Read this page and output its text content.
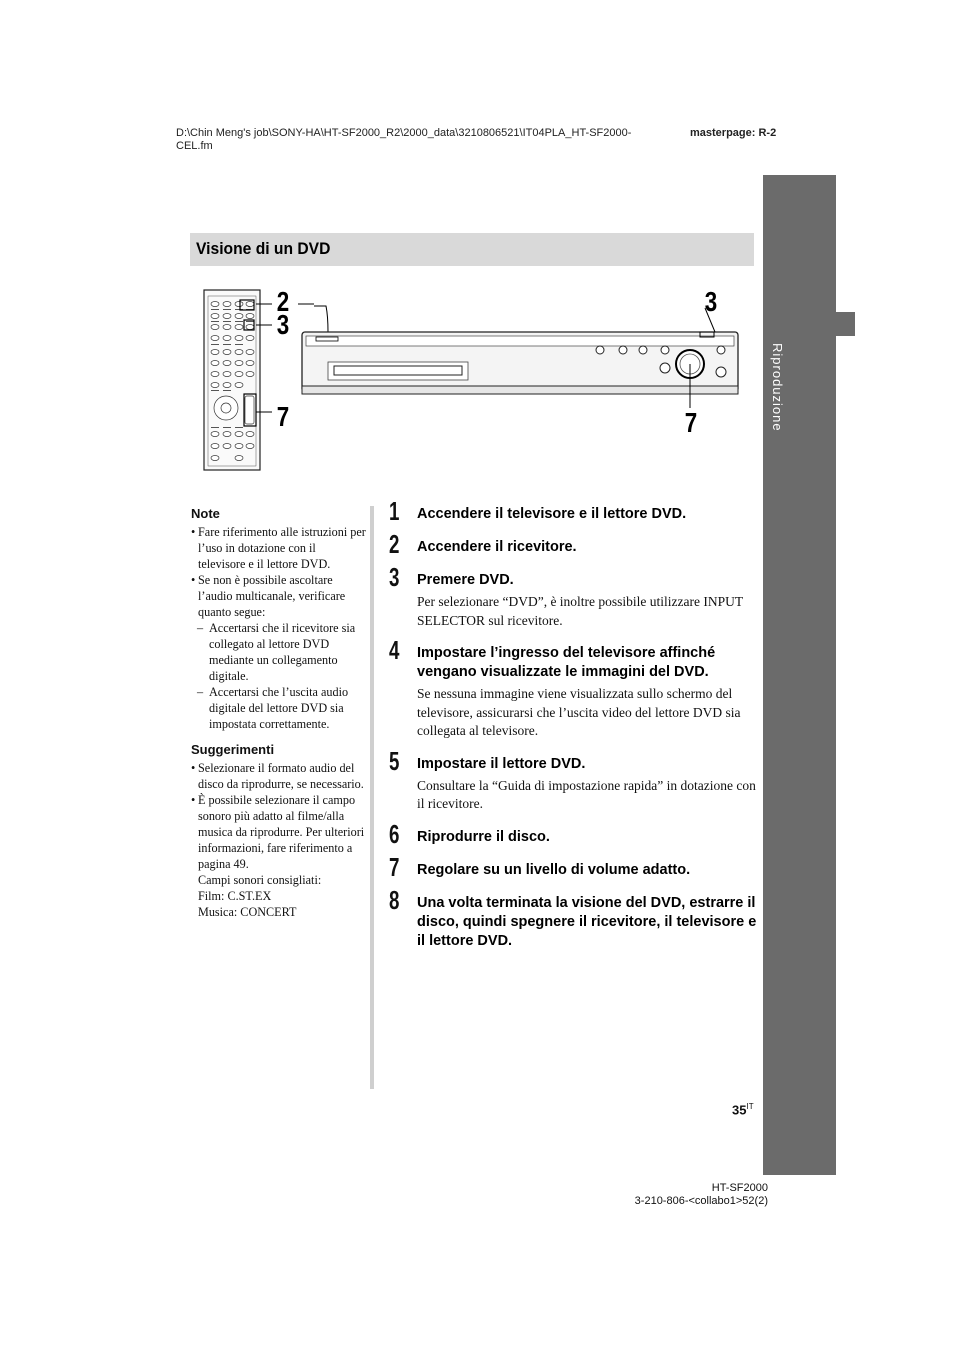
D:\Chin Meng's job\SONY-HA\HT-SF2000_R2\2000_data\3210806521\IT04PLA_HT-SF2000-CEL.fm
masterpage: R-2
Riproduzione
Visione di un DVD
2
3
7
3
7
Note
• Fare riferimento alle istruzioni per l’uso in dotazione con il televisore e il lettore DVD.
• Se non è possibile ascoltare l’audio multicanale, verificare quanto segue:
– Accertarsi che il ricevitore sia collegato al lettore DVD mediante un collegamento digitale.
– Accertarsi che l’uscita audio digitale del lettore DVD sia impostata correttamente.
Suggerimenti
• Selezionare il formato audio del disco da riprodurre, se necessario.
• È possibile selezionare il campo sonoro più adatto al filme/alla musica da riprodurre. Per ulteriori informazioni, fare riferimento a pagina 49.
Campi sonori consigliati:
Film: C.ST.EX
Musica: CONCERT
1 Accendere il televisore e il lettore DVD.
2 Accendere il ricevitore.
3 Premere DVD.
Per selezionare “DVD”, è inoltre possibile utilizzare INPUT SELECTOR sul ricevitore.
4 Impostare l’ingresso del televisore affinché vengano visualizzate le immagini del DVD.
Se nessuna immagine viene visualizzata sullo schermo del televisore, assicurarsi che l’uscita video del lettore DVD sia collegata al televisore.
5 Impostare il lettore DVD.
Consultare la “Guida di impostazione rapida” in dotazione con il ricevitore.
6 Riprodurre il disco.
7 Regolare su un livello di volume adatto.
8 Una volta terminata la visione del DVD, estrarre il disco, quindi spegnere il ricevitore, il televisore e il lettore DVD.
$35^{IT}$
HT-SF2000
3-210-806-<collabo1>52(2)
